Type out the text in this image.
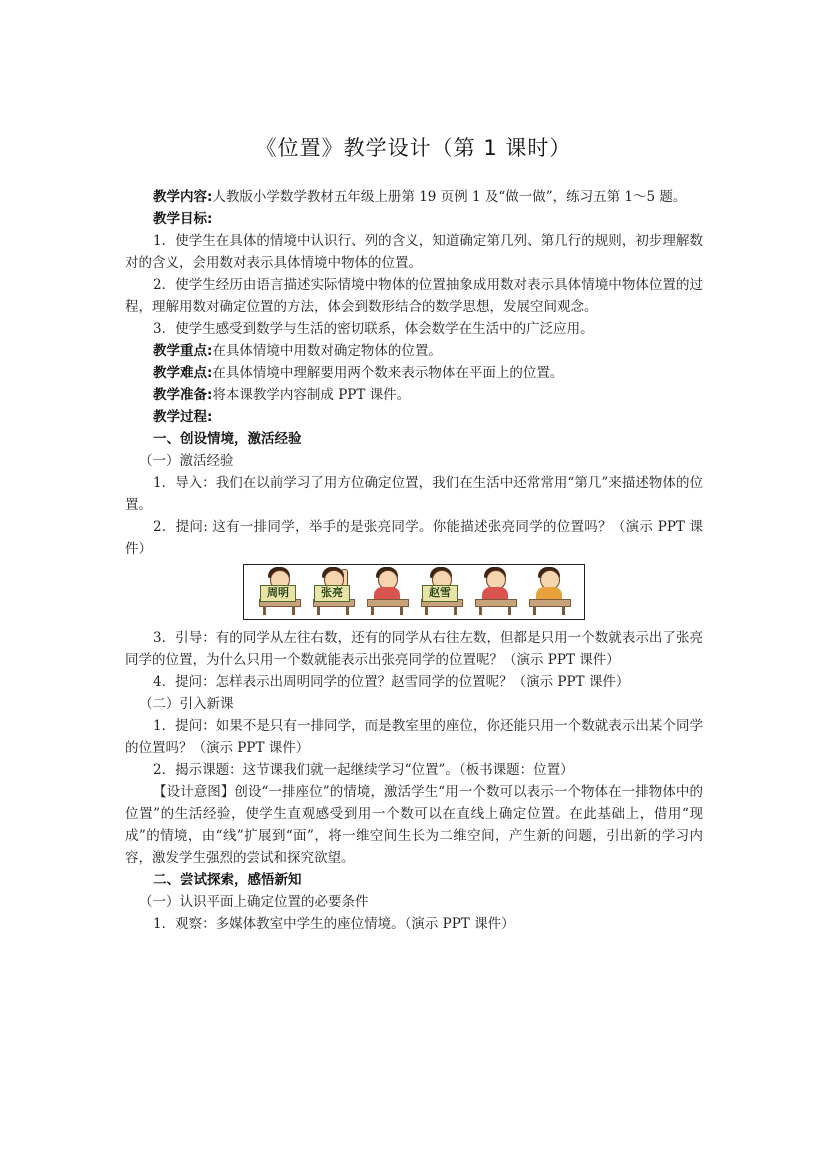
《位置》教学设计（第 1 课时）

教学内容:人教版小学数学教材五年级上册第 19 页例 1 及“做一做”，练习五第 1～5 题。

教学目标:

1．使学生在具体的情境中认识行、列的含义，知道确定第几列、第几行的规则，初步理解数对的含义，会用数对表示具体情境中物体的位置。

2．使学生经历由语言描述实际情境中物体的位置抽象成用数对表示具体情境中物体位置的过程，理解用数对确定位置的方法，体会到数形结合的数学思想，发展空间观念。

3．使学生感受到数学与生活的密切联系，体会数学在生活中的广泛应用。

教学重点:在具体情境中用数对确定物体的位置。

教学难点:在具体情境中理解要用两个数来表示物体在平面上的位置。

教学准备:将本课教学内容制成 PPT 课件。

教学过程:

一、创设情境，激活经验

（一）激活经验

1．导入：我们在以前学习了用方位确定位置，我们在生活中还常常用“第几”来描述物体的位置。

2．提问: 这有一排同学，举手的是张亮同学。你能描述张亮同学的位置吗？（演示 PPT 课件）

周明	张亮	赵雪

3．引导：有的同学从左往右数，还有的同学从右往左数，但都是只用一个数就表示出了张亮同学的位置，为什么只用一个数就能表示出张亮同学的位置呢？（演示 PPT 课件）

4．提问：怎样表示出周明同学的位置？赵雪同学的位置呢？（演示 PPT 课件）

（二）引入新课

1．提问：如果不是只有一排同学，而是教室里的座位，你还能只用一个数就表示出某个同学的位置吗？（演示 PPT 课件）

2．揭示课题：这节课我们就一起继续学习“位置”。（板书课题：位置）

【设计意图】创设“一排座位”的情境，激活学生“用一个数可以表示一个物体在一排物体中的位置”的生活经验，使学生直观感受到用一个数可以在直线上确定位置。在此基础上，借用“现成”的情境，由“线”扩展到“面”，将一维空间生长为二维空间，产生新的问题，引出新的学习内容，激发学生强烈的尝试和探究欲望。

二、尝试探索，感悟新知

（一）认识平面上确定位置的必要条件

1．观察：多媒体教室中学生的座位情境。（演示 PPT 课件）
